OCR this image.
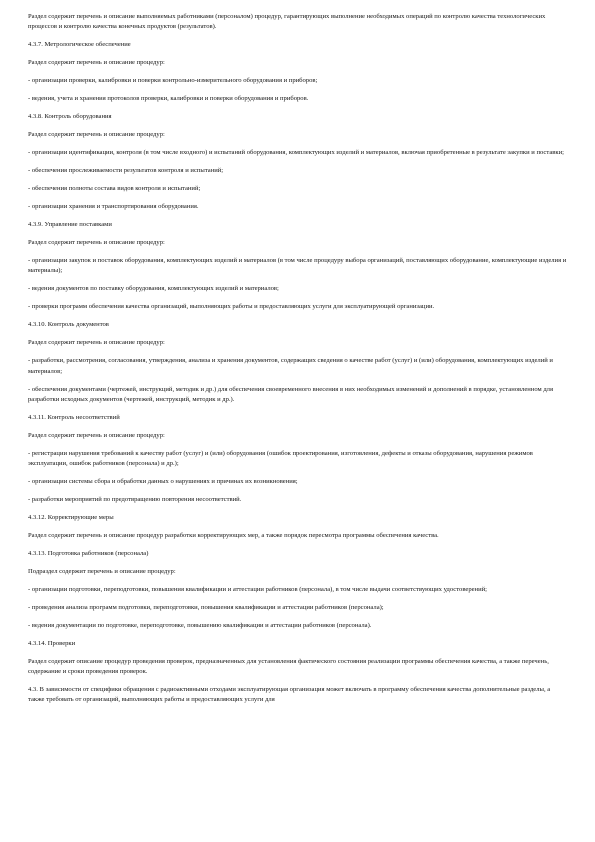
Раздел содержит перечень и описание выполняемых работниками (персоналом) процедур, гарантирующих выполнение необходимых операций по контролю качества технологических процессов и контролю качества конечных продуктов (результатов).

4.3.7. Метрологическое обеспечение

Раздел содержит перечень и описание процедур:

- организации проверки, калибровки и поверки контрольно-измерительного оборудования и приборов;

- ведения, учета и хранения протоколов проверки, калибровки и поверки оборудования и приборов.

4.3.8. Контроль оборудования

Раздел содержит перечень и описание процедур:

- организации идентификации, контроля (в том числе входного) и испытаний оборудования, комплектующих изделий и материалов, включая приобретенные в результате закупки и поставки;

- обеспечения прослеживаемости результатов контроля и испытаний;

- обеспечения полноты состава видов контроля и испытаний;

- организации хранения и транспортирования оборудования.

4.3.9. Управление поставками

Раздел содержит перечень и описание процедур:

- организации закупок и поставок оборудования, комплектующих изделий и материалов (в том числе процедуру выбора организаций, поставляющих оборудование, комплектующие изделия и материалы);

- ведения документов по поставку оборудования, комплектующих изделий и материалов;

- проверки программ обеспечения качества организаций, выполняющих работы и предоставляющих услуги для эксплуатирующей организации.

4.3.10. Контроль документов

Раздел содержит перечень и описание процедур:

- разработки, рассмотрения, согласования, утверждения, анализа и хранения документов, содержащих сведения о качестве работ (услуг) и (или) оборудования, комплектующих изделий и материалов;

- обеспечения документами (чертежей, инструкций, методик и др.) для обеспечения своевременного внесения в них необходимых изменений и дополнений в порядке, установленном для разработки исходных документов (чертежей, инструкций, методик и др.).

4.3.11. Контроль несоответствий

Раздел содержит перечень и описание процедур:

- регистрации нарушения требований к качеству работ (услуг) и (или) оборудования (ошибок проектирования, изготовления, дефекты и отказы оборудования, нарушения режимов эксплуатации, ошибок работников (персонала) и др.);

- организации системы сбора и обработки данных о нарушениях и причинах их возникновения;

- разработки мероприятий по предотвращению повторения несоответствий.

4.3.12. Корректирующие меры

Раздел содержит перечень и описание процедур разработки корректирующих мер, а также порядок пересмотра программы обеспечения качества.

4.3.13. Подготовка работников (персонала)

Подраздел содержит перечень и описание процедур:

- организации подготовки, переподготовки, повышения квалификации и аттестации работников (персонала), в том числе выдачи соответствующих удостоверений;

- проведения анализа программ подготовки, переподготовки, повышения квалификации и аттестации работников (персонала);

- ведения документации по подготовке, переподготовке, повышению квалификации и аттестации работников (персонала).

4.3.14. Проверки

Раздел содержит описание процедур проведения проверок, предназначенных для установления фактического состояния реализации программы обеспечения качества, а также перечень, содержание и сроки проведения проверок.

4.3. В зависимости от специфики обращения с радиоактивными отходами эксплуатирующая организация может включать в программу обеспечения качества дополнительные разделы, а также требовать от организаций, выполняющих работы и предоставляющих услуги для
